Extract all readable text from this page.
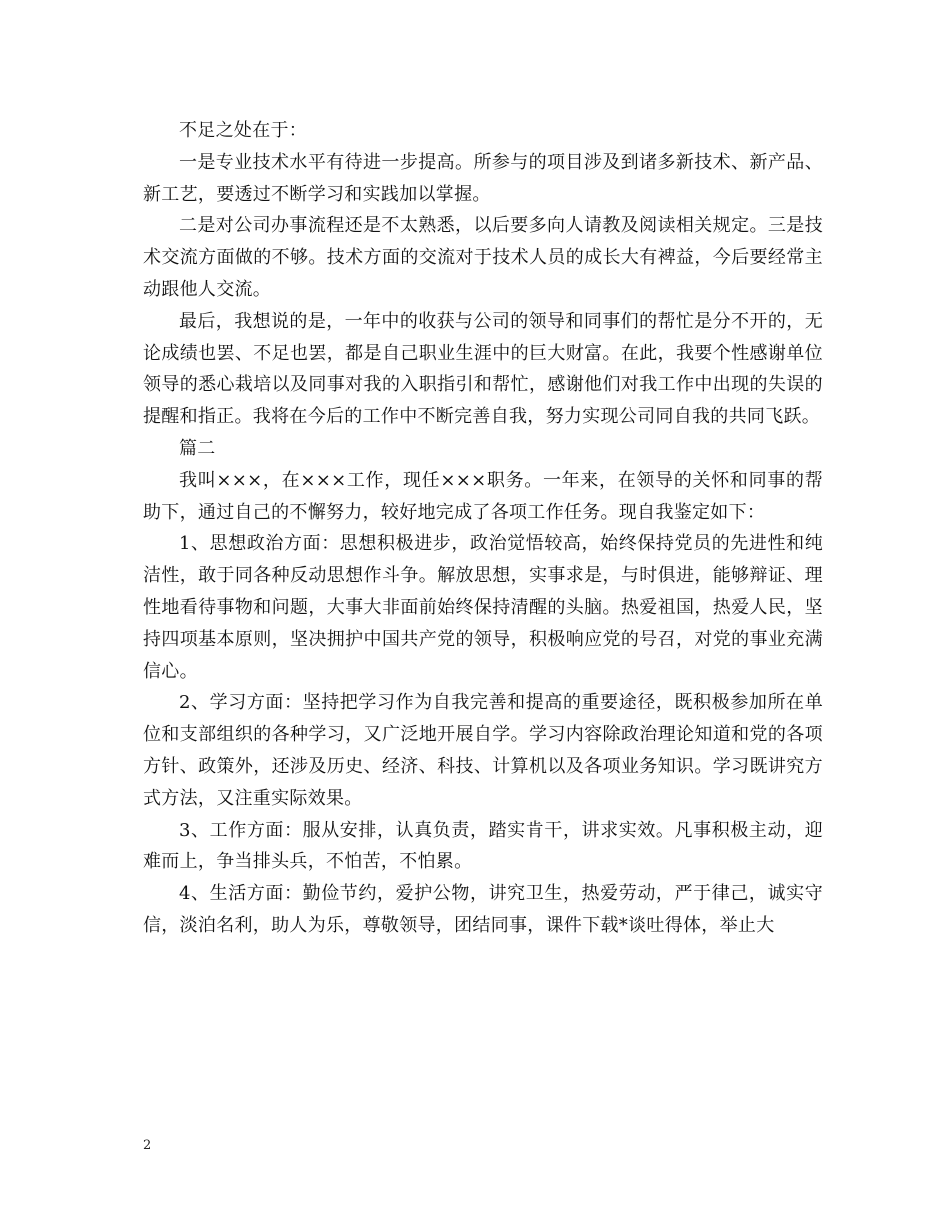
不足之处在于：

一是专业技术水平有待进一步提高。所参与的项目涉及到诸多新技术、新产品、新工艺，要透过不断学习和实践加以掌握。

二是对公司办事流程还是不太熟悉，以后要多向人请教及阅读相关规定。三是技术交流方面做的不够。技术方面的交流对于技术人员的成长大有裨益，今后要经常主动跟他人交流。

最后，我想说的是，一年中的收获与公司的领导和同事们的帮忙是分不开的，无论成绩也罢、不足也罢，都是自己职业生涯中的巨大财富。在此，我要个性感谢单位领导的悉心栽培以及同事对我的入职指引和帮忙，感谢他们对我工作中出现的失误的提醒和指正。我将在今后的工作中不断完善自我，努力实现公司同自我的共同飞跃。

篇二

我叫×××，在×××工作，现任×××职务。一年来，在领导的关怀和同事的帮助下，通过自己的不懈努力，较好地完成了各项工作任务。现自我鉴定如下：

1、思想政治方面：思想积极进步，政治觉悟较高，始终保持党员的先进性和纯洁性，敢于同各种反动思想作斗争。解放思想，实事求是，与时俱进，能够辩证、理性地看待事物和问题，大事大非面前始终保持清醒的头脑。热爱祖国，热爱人民，坚持四项基本原则，坚决拥护中国共产党的领导，积极响应党的号召，对党的事业充满信心。

2、学习方面：坚持把学习作为自我完善和提高的重要途径，既积极参加所在单位和支部组织的各种学习，又广泛地开展自学。学习内容除政治理论知道和党的各项方针、政策外，还涉及历史、经济、科技、计算机以及各项业务知识。学习既讲究方式方法，又注重实际效果。

3、工作方面：服从安排，认真负责，踏实肯干，讲求实效。凡事积极主动，迎难而上，争当排头兵，不怕苦，不怕累。

4、生活方面：勤俭节约，爱护公物，讲究卫生，热爱劳动，严于律己，诚实守信，淡泊名利，助人为乐，尊敬领导，团结同事，课件下载*谈吐得体，举止大

2
